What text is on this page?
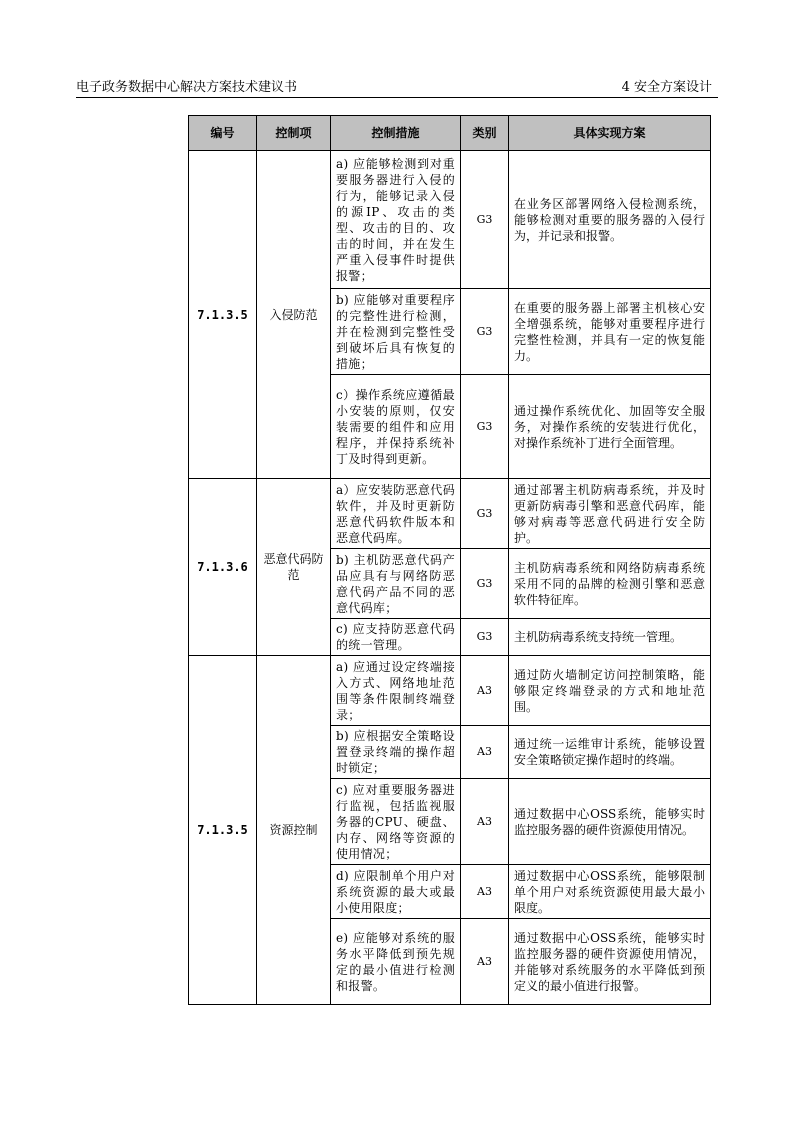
电子政务数据中心解决方案技术建议书	4 安全方案设计
编号	控制项	控制措施	类别	具体实现方案
7.1.3.5	入侵防范	a) 应能够检测到对重要服务器进行入侵的行为，能够记录入侵的源IP、攻击的类型、攻击的目的、攻击的时间，并在发生严重入侵事件时提供报警；	G3	在业务区部署网络入侵检测系统，能够检测对重要的服务器的入侵行为，并记录和报警。
		b) 应能够对重要程序的完整性进行检测，并在检测到完整性受到破坏后具有恢复的措施；	G3	在重要的服务器上部署主机核心安全增强系统，能够对重要程序进行完整性检测，并具有一定的恢复能力。
		c）操作系统应遵循最小安装的原则，仅安装需要的组件和应用程序，并保持系统补丁及时得到更新。	G3	通过操作系统优化、加固等安全服务，对操作系统的安装进行优化，对操作系统补丁进行全面管理。
7.1.3.6	恶意代码防范	a）应安装防恶意代码软件，并及时更新防恶意代码软件版本和恶意代码库。	G3	通过部署主机防病毒系统，并及时更新防病毒引擎和恶意代码库，能够对病毒等恶意代码进行安全防护。
		b) 主机防恶意代码产品应具有与网络防恶意代码产品不同的恶意代码库；	G3	主机防病毒系统和网络防病毒系统采用不同的品牌的检测引擎和恶意软件特征库。
		c) 应支持防恶意代码的统一管理。	G3	主机防病毒系统支持统一管理。
7.1.3.5	资源控制	a) 应通过设定终端接入方式、网络地址范围等条件限制终端登录；	A3	通过防火墙制定访问控制策略，能够限定终端登录的方式和地址范围。
		b) 应根据安全策略设置登录终端的操作超时锁定；	A3	通过统一运维审计系统，能够设置安全策略锁定操作超时的终端。
		c) 应对重要服务器进行监视，包括监视服务器的CPU、硬盘、内存、网络等资源的使用情况；	A3	通过数据中心OSS系统，能够实时监控服务器的硬件资源使用情况。
		d) 应限制单个用户对系统资源的最大或最小使用限度；	A3	通过数据中心OSS系统，能够限制单个用户对系统资源使用最大最小限度。
		e) 应能够对系统的服务水平降低到预先规定的最小值进行检测和报警。	A3	通过数据中心OSS系统，能够实时监控服务器的硬件资源使用情况，并能够对系统服务的水平降低到预定义的最小值进行报警。
